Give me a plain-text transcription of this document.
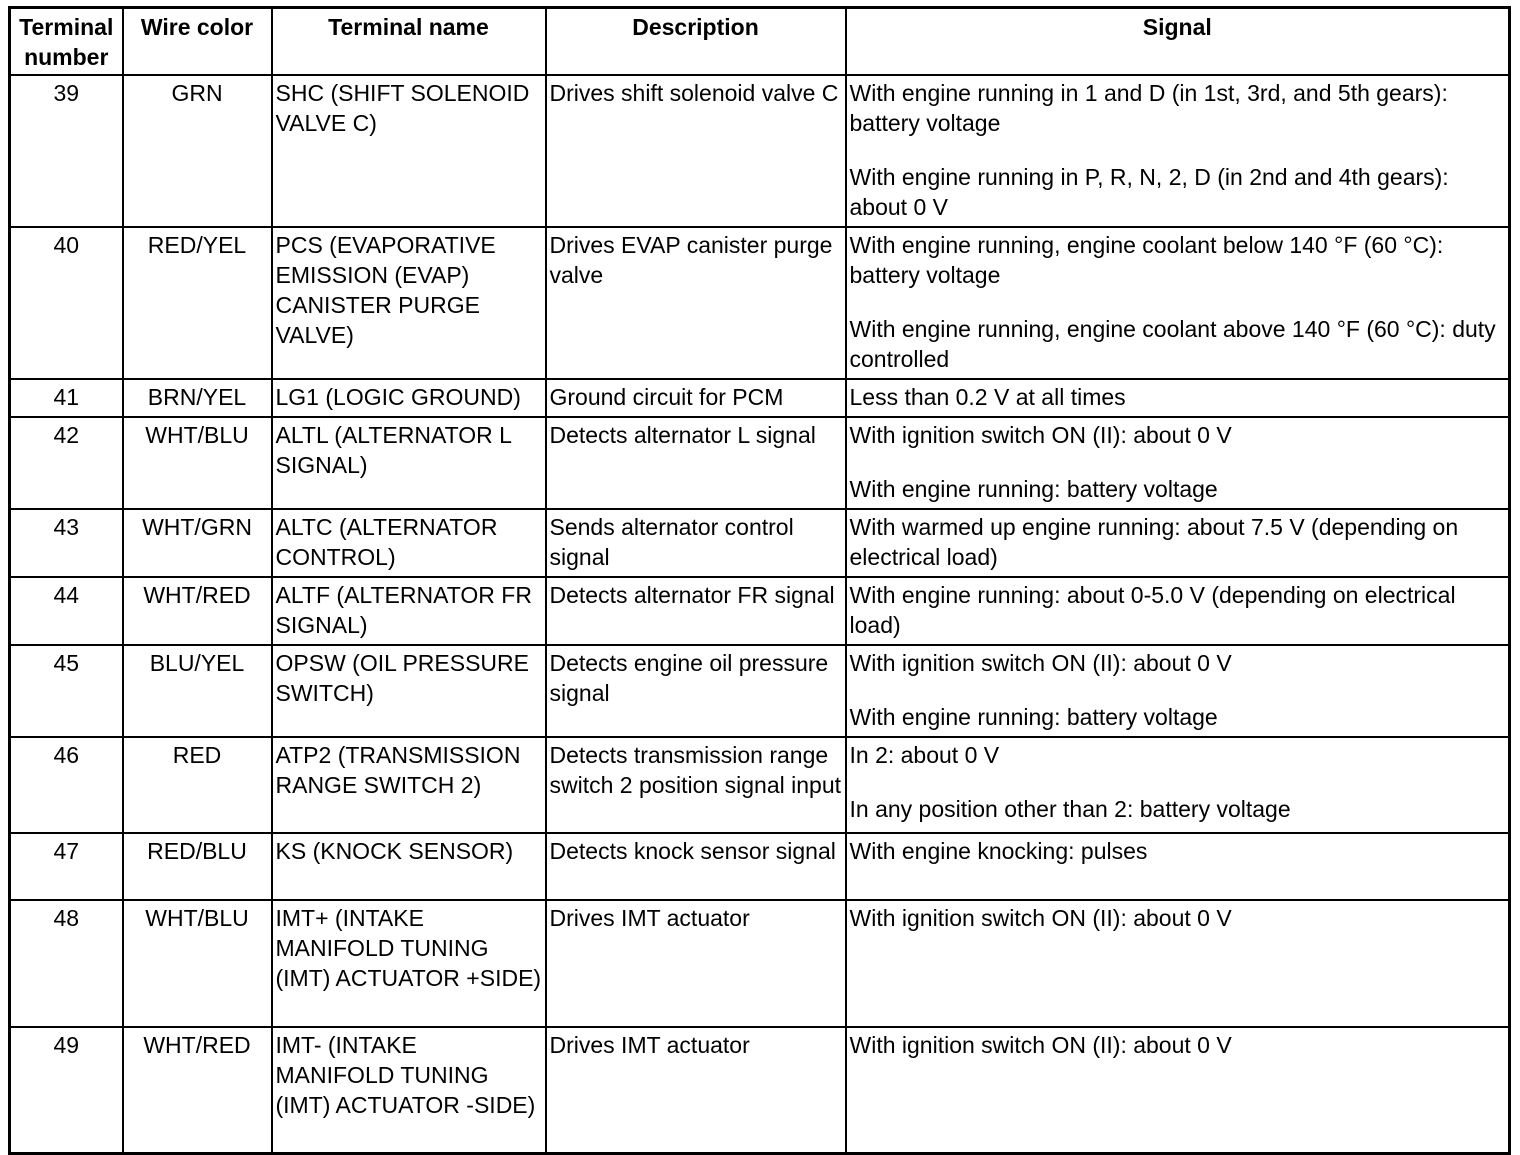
Terminal number	Wire color	Terminal name	Description	Signal
39	GRN	SHC (SHIFT SOLENOID VALVE C)	Drives shift solenoid valve C	With engine running in 1 and D (in 1st, 3rd, and 5th gears): battery voltage
With engine running in P, R, N, 2, D (in 2nd and 4th gears): about 0 V

40	RED/YEL	PCS (EVAPORATIVE EMISSION (EVAP) CANISTER PURGE VALVE)	Drives EVAP canister purge valve	With engine running, engine coolant below 140 °F (60 °C): battery voltage
With engine running, engine coolant above 140 °F (60 °C): duty controlled

41	BRN/YEL	LG1 (LOGIC GROUND)	Ground circuit for PCM	Less than 0.2 V at all times

42	WHT/BLU	ALTL (ALTERNATOR L SIGNAL)	Detects alternator L signal	With ignition switch ON (II): about 0 V
With engine running: battery voltage

43	WHT/GRN	ALTC (ALTERNATOR CONTROL)	Sends alternator control signal	With warmed up engine running: about 7.5 V (depending on electrical load)

44	WHT/RED	ALTF (ALTERNATOR FR SIGNAL)	Detects alternator FR signal	With engine running: about 0-5.0 V (depending on electrical load)

45	BLU/YEL	OPSW (OIL PRESSURE SWITCH)	Detects engine oil pressure signal	With ignition switch ON (II): about 0 V
With engine running: battery voltage

46	RED	ATP2 (TRANSMISSION RANGE SWITCH 2)	Detects transmission range switch 2 position signal input	In 2: about 0 V
In any position other than 2: battery voltage

47	RED/BLU	KS (KNOCK SENSOR)	Detects knock sensor signal	With engine knocking: pulses

48	WHT/BLU	IMT+ (INTAKE MANIFOLD TUNING (IMT) ACTUATOR +SIDE)	Drives IMT actuator	With ignition switch ON (II): about 0 V

49	WHT/RED	IMT- (INTAKE MANIFOLD TUNING (IMT) ACTUATOR -SIDE)	Drives IMT actuator	With ignition switch ON (II): about 0 V
